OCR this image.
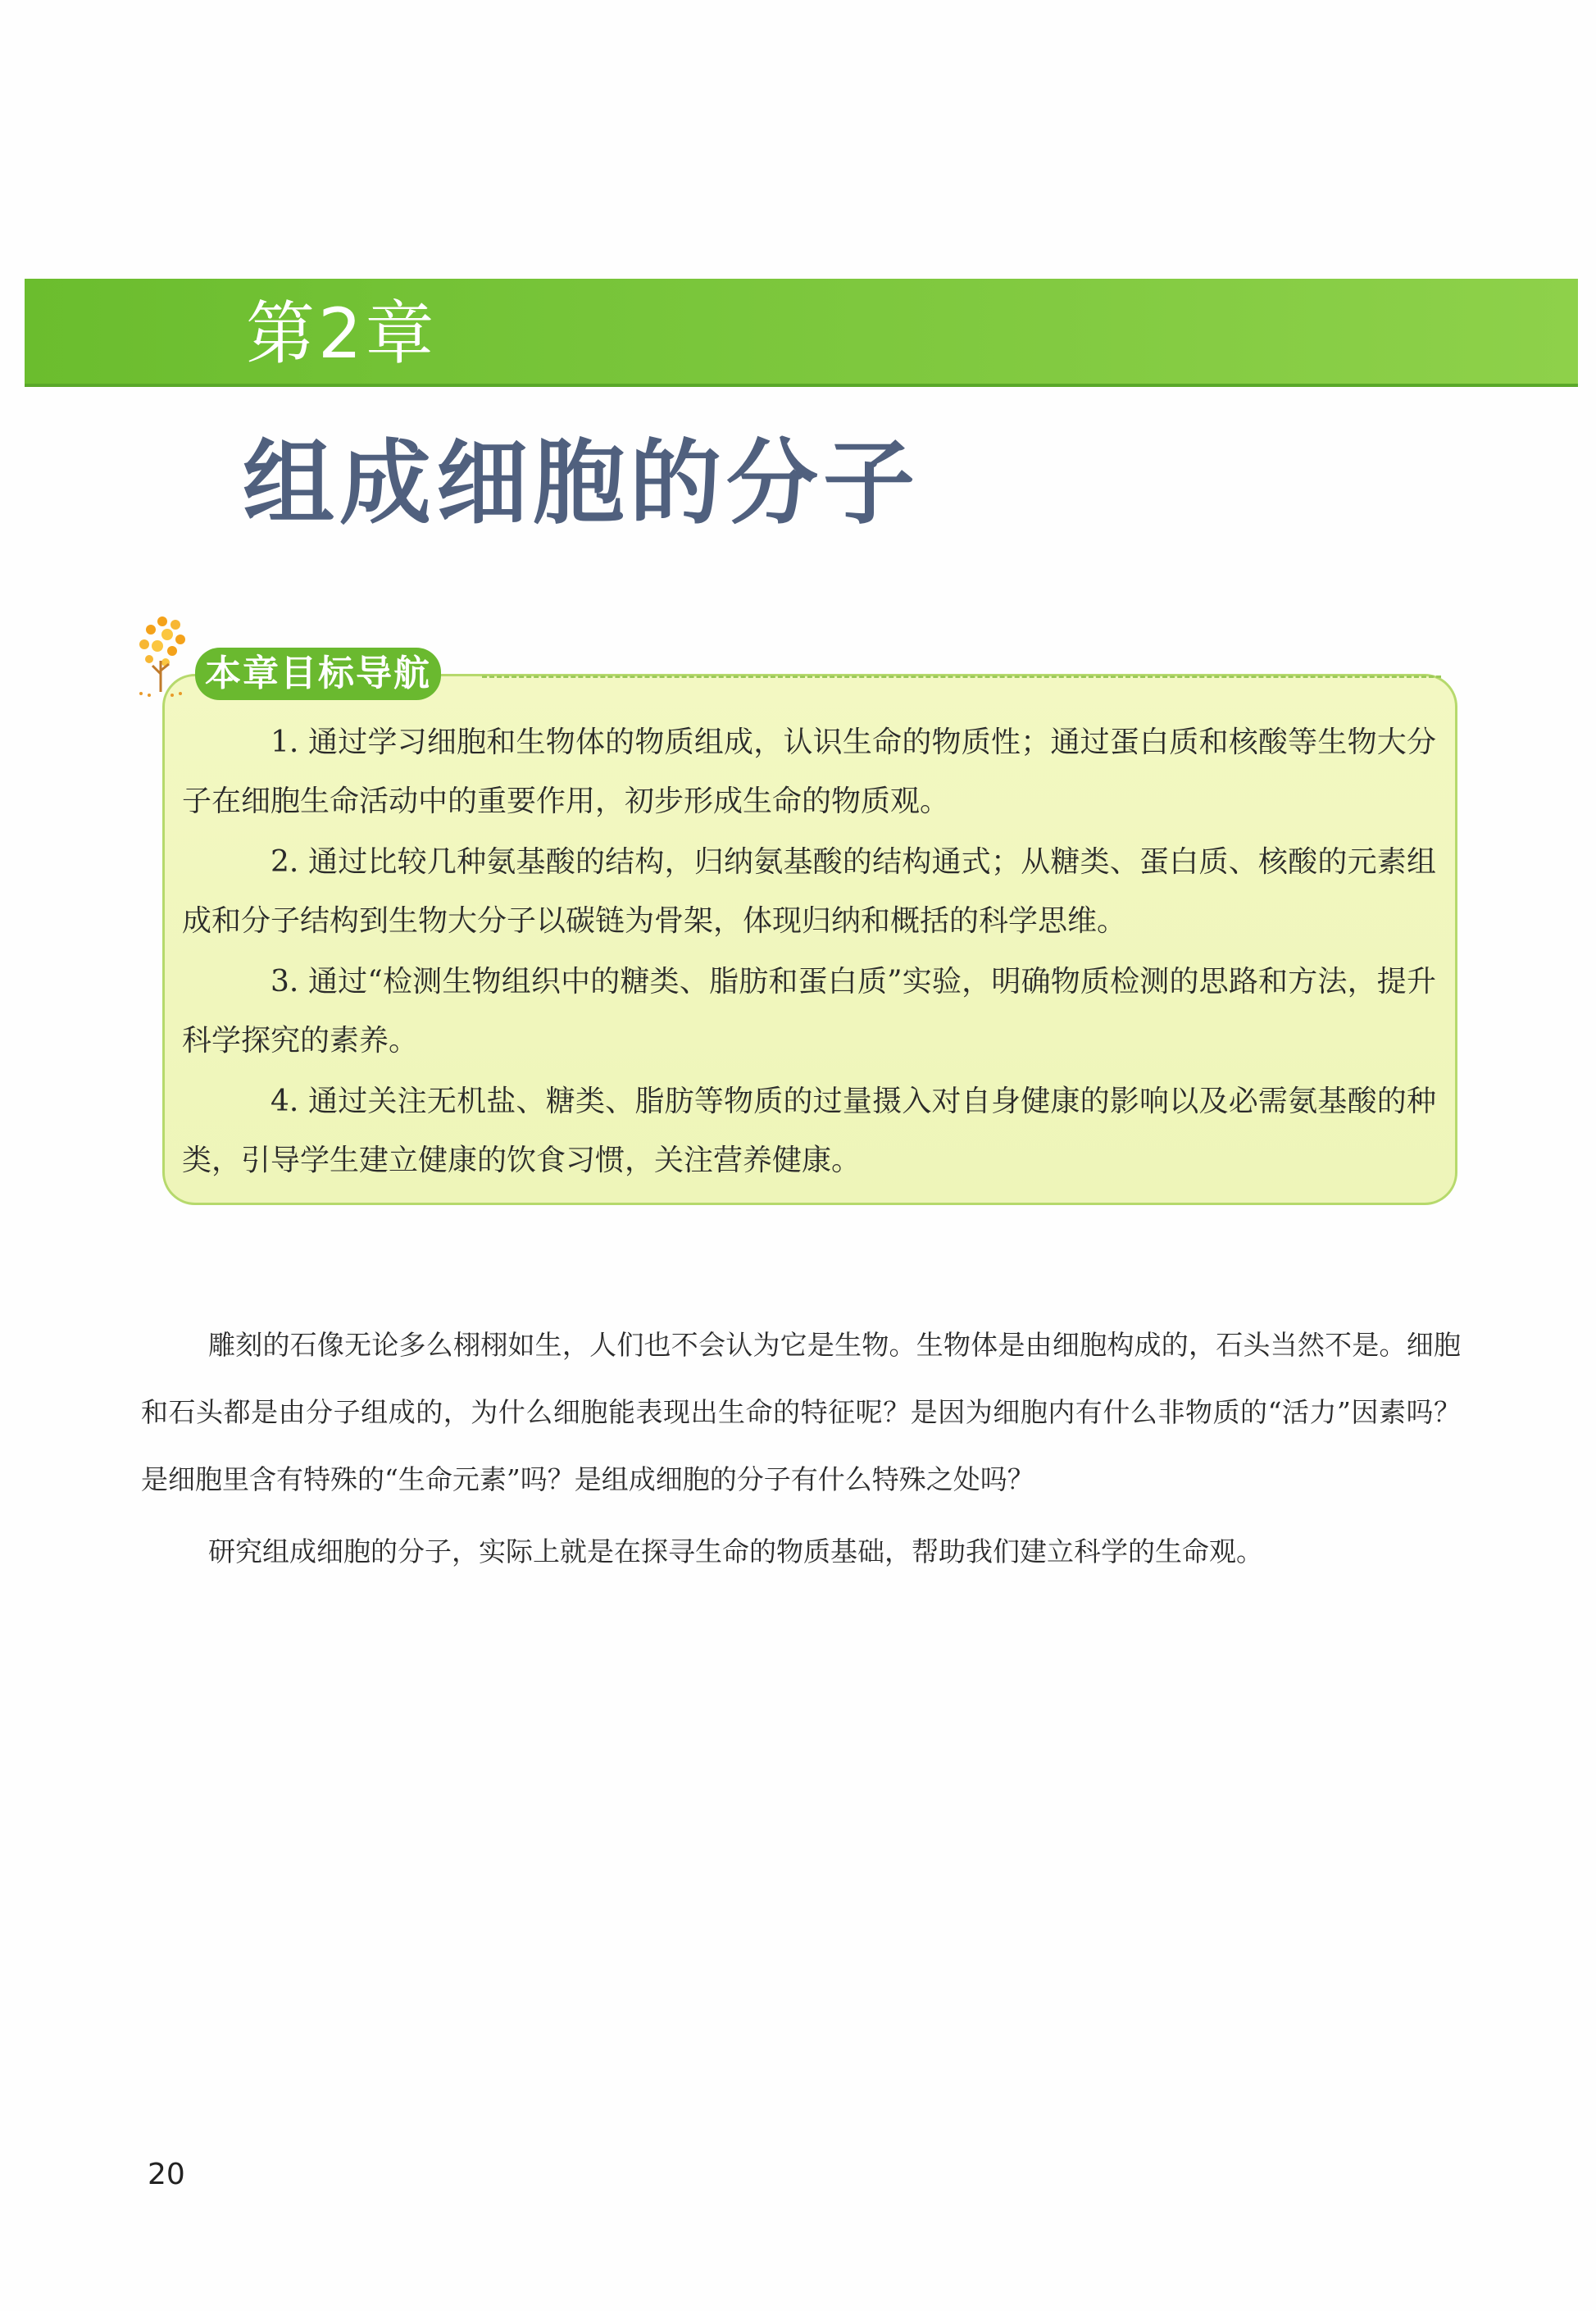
第2章
组成细胞的分子
本章目标导航
1. 通过学习细胞和生物体的物质组成，认识生命的物质性；通过蛋白质和核酸等生物大分子在细胞生命活动中的重要作用，初步形成生命的物质观。
2. 通过比较几种氨基酸的结构，归纳氨基酸的结构通式；从糖类、蛋白质、核酸的元素组成和分子结构到生物大分子以碳链为骨架，体现归纳和概括的科学思维。
3. 通过“检测生物组织中的糖类、脂肪和蛋白质”实验，明确物质检测的思路和方法，提升科学探究的素养。
4. 通过关注无机盐、糖类、脂肪等物质的过量摄入对自身健康的影响以及必需氨基酸的种类，引导学生建立健康的饮食习惯，关注营养健康。

雕刻的石像无论多么栩栩如生，人们也不会认为它是生物。生物体是由细胞构成的，石头当然不是。细胞和石头都是由分子组成的，为什么细胞能表现出生命的特征呢？是因为细胞内有什么非物质的“活力”因素吗？是细胞里含有特殊的“生命元素”吗？是组成细胞的分子有什么特殊之处吗？

研究组成细胞的分子，实际上就是在探寻生命的物质基础，帮助我们建立科学的生命观。

20
